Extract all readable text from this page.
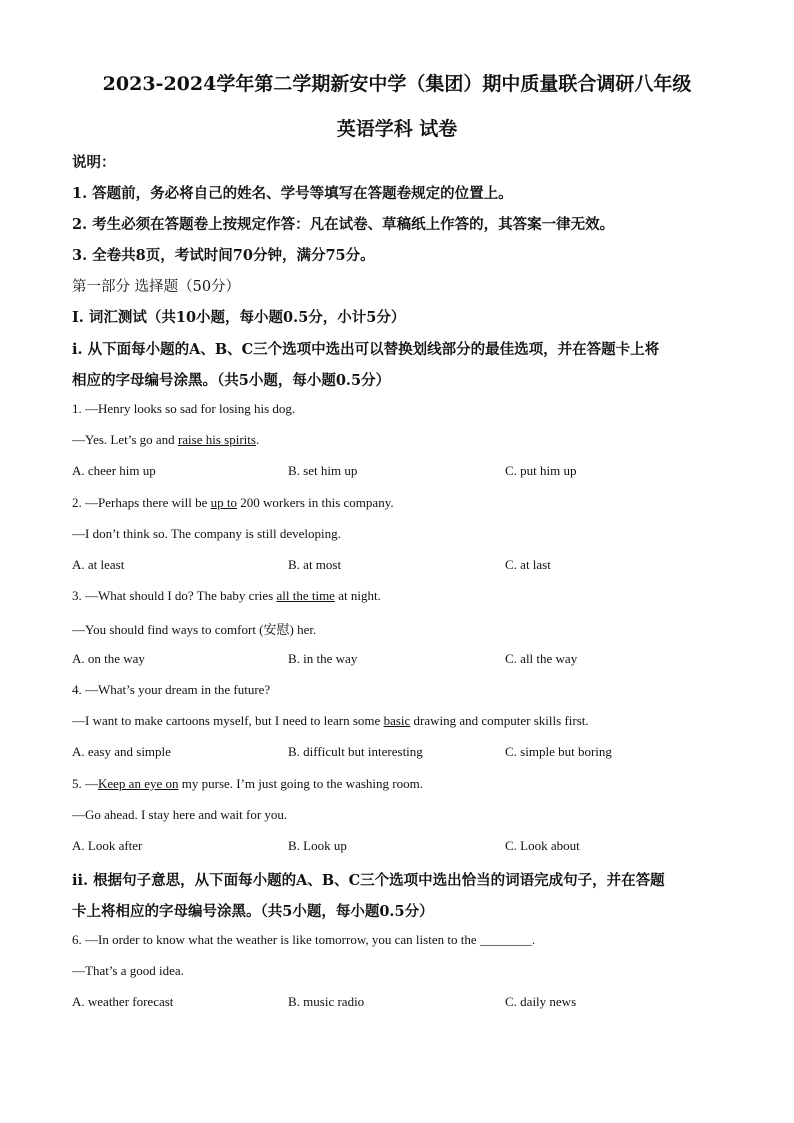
2023-2024学年第二学期新安中学（集团）期中质量联合调研八年级
英语学科 试卷
说明：
1. 答题前，务必将自己的姓名、学号等填写在答题卷规定的位置上。
2. 考生必须在答题卷上按规定作答：凡在试卷、草稿纸上作答的，其答案一律无效。
3. 全卷共8页，考试时间70分钟，满分75分。
第一部分 选择题（50分）
I. 词汇测试（共10小题，每小题0.5分，小计5分）
i. 从下面每小题的A、B、C三个选项中选出可以替换划线部分的最佳选项，并在答题卡上将
相应的字母编号涂黑。（共5小题，每小题0.5分）
1. —Henry looks so sad for losing his dog.
—Yes. Let’s go and raise his spirits.
A. cheer him up	B. set him up	C. put him up
2. —Perhaps there will be up to 200 workers in this company.
—I don’t think so. The company is still developing.
A. at least	B. at most	C. at last
3. —What should I do? The baby cries all the time at night.
—You should find ways to comfort (安慰) her.
A. on the way	B. in the way	C. all the way
4. —What’s your dream in the future?
—I want to make cartoons myself, but I need to learn some basic drawing and computer skills first.
A. easy and simple	B. difficult but interesting	C. simple but boring
5. —Keep an eye on my purse. I’m just going to the washing room.
—Go ahead. I stay here and wait for you.
A. Look after	B. Look up	C. Look about
ii. 根据句子意思，从下面每小题的A、B、C三个选项中选出恰当的词语完成句子，并在答题
卡上将相应的字母编号涂黑。（共5小题，每小题0.5分）
6. —In order to know what the weather is like tomorrow, you can listen to the ________.
—That’s a good idea.
A. weather forecast	B. music radio	C. daily news
